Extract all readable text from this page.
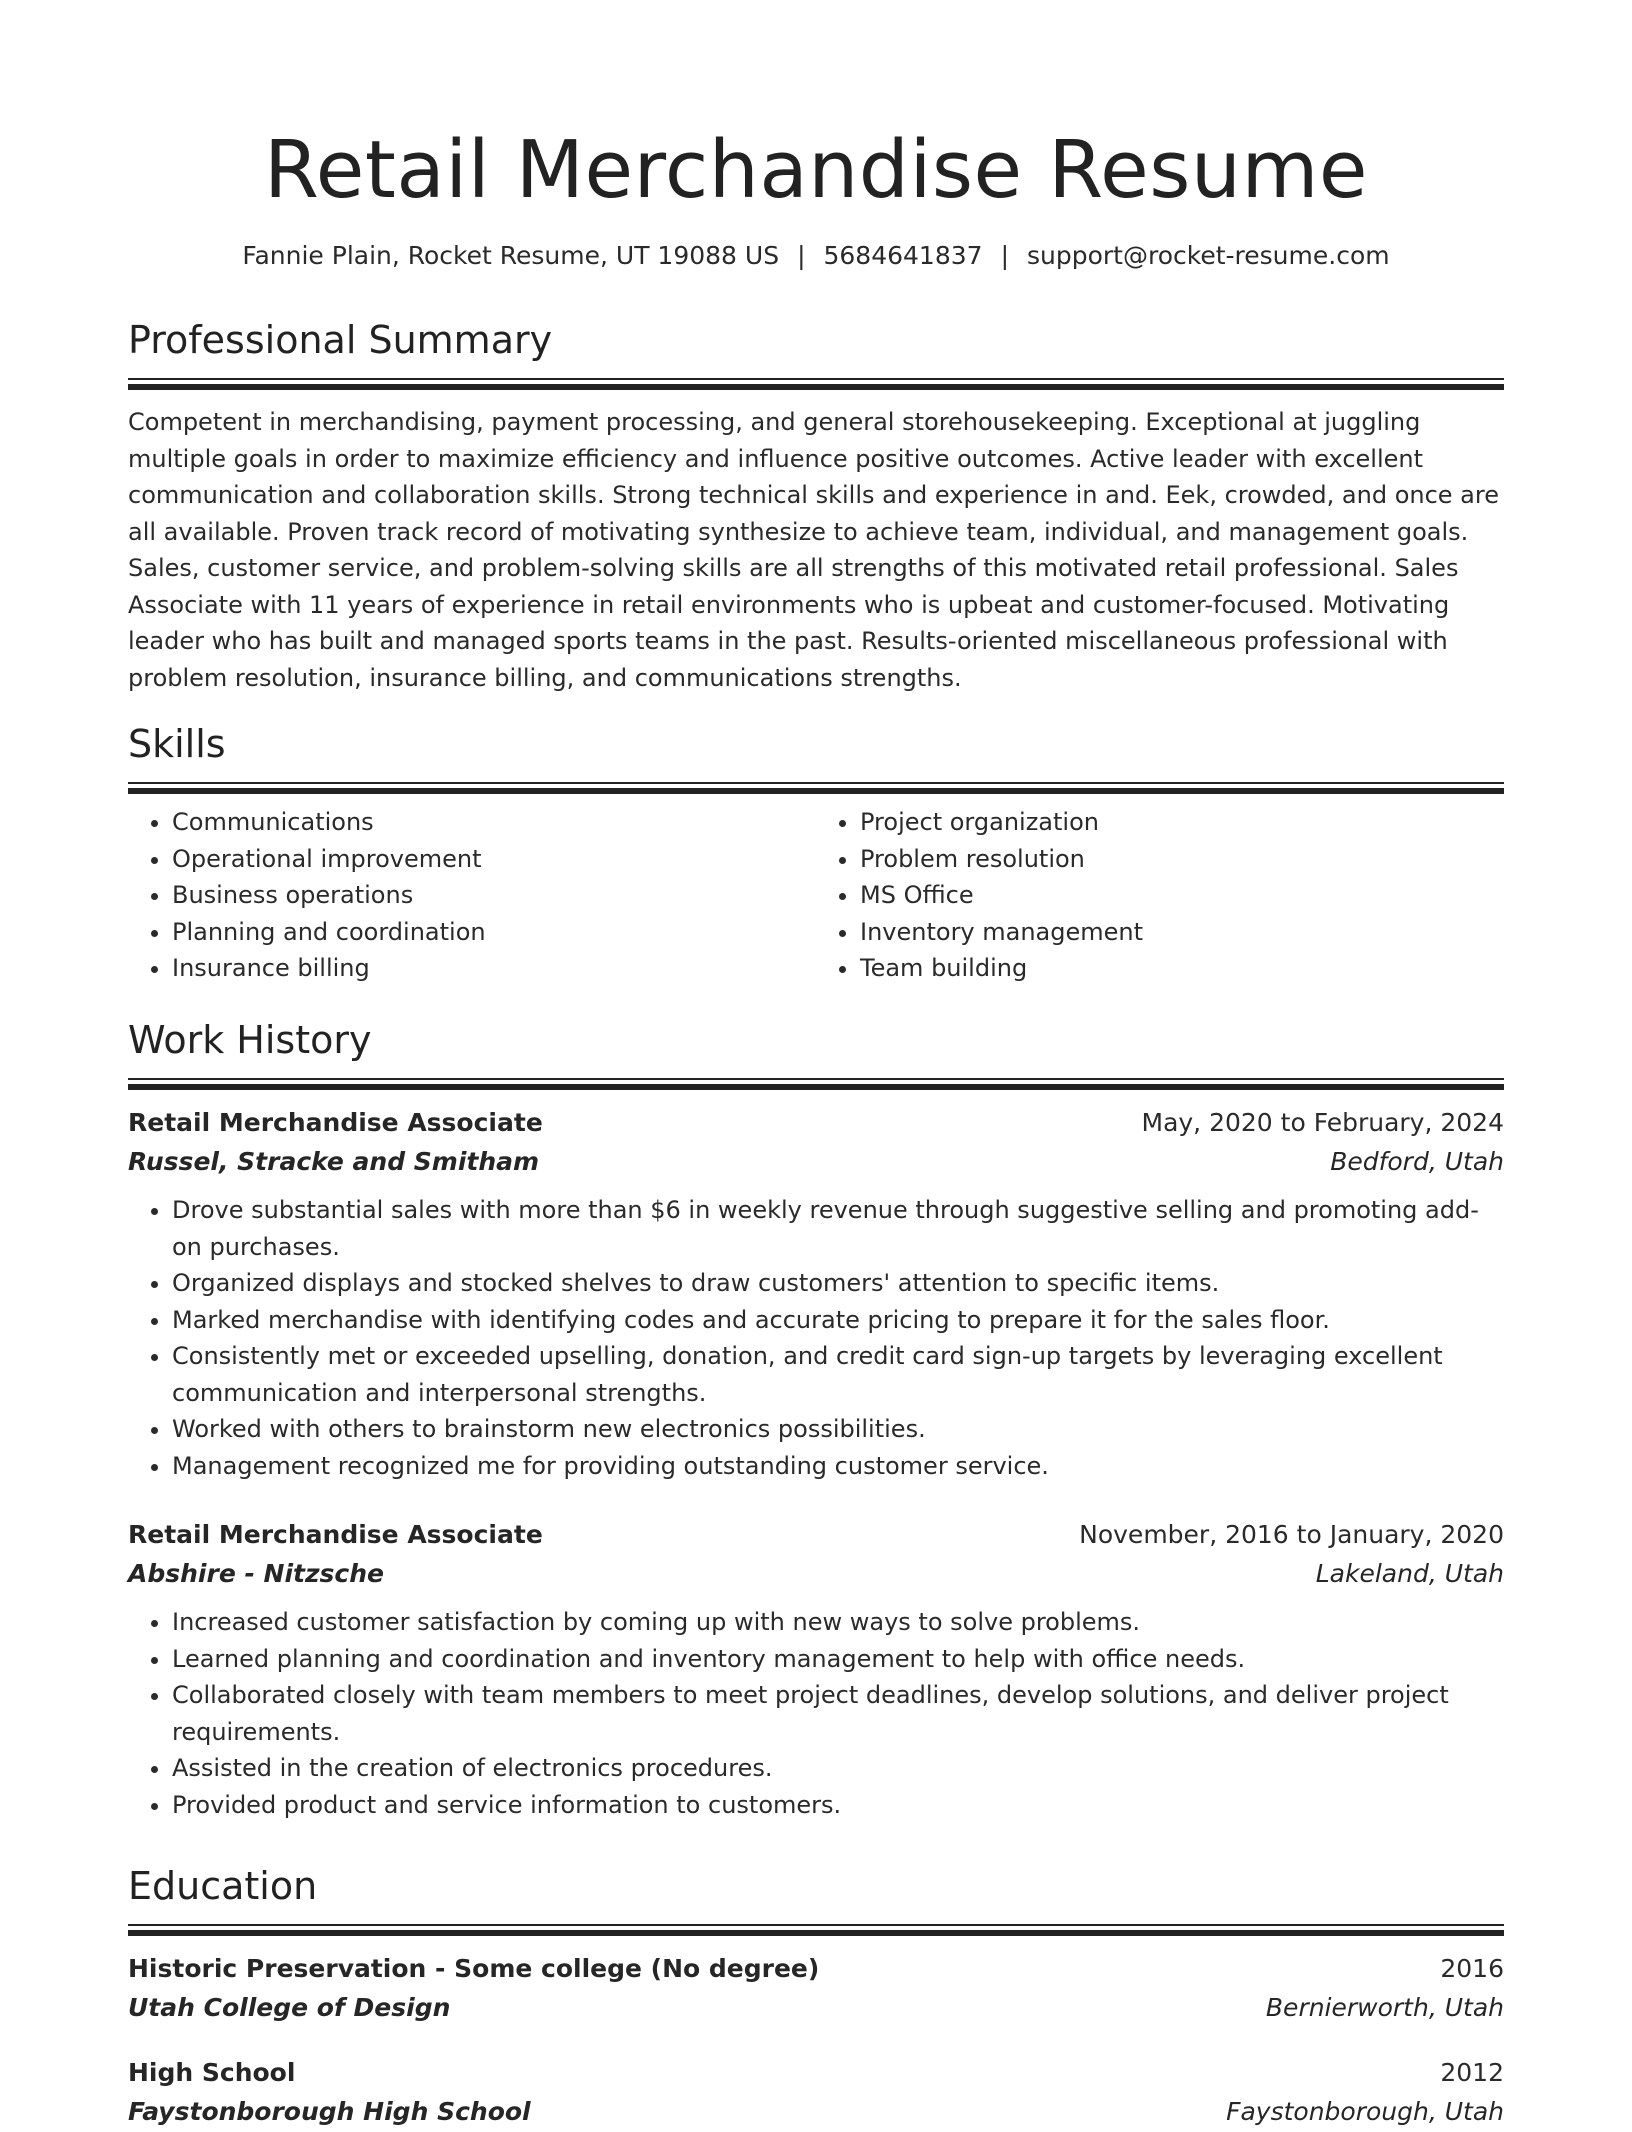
Retail Merchandise Resume
Fannie Plain, Rocket Resume, UT 19088 US | 5684641837 | support@rocket-resume.com
Professional Summary

Competent in merchandising, payment processing, and general storehousekeeping. Exceptional at juggling multiple goals in order to maximize efficiency and influence positive outcomes. Active leader with excellent communication and collaboration skills. Strong technical skills and experience in and. Eek, crowded, and once are all available. Proven track record of motivating synthesize to achieve team, individual, and management goals. Sales, customer service, and problem-solving skills are all strengths of this motivated retail professional. Sales Associate with 11 years of experience in retail environments who is upbeat and customer-focused. Motivating leader who has built and managed sports teams in the past. Results-oriented miscellaneous professional with problem resolution, insurance billing, and communications strengths.

Skills
• Communications
• Operational improvement
• Business operations
• Planning and coordination
• Insurance billing
• Project organization
• Problem resolution
• MS Office
• Inventory management
• Team building
Work History
Retail Merchandise Associate	May, 2020 to February, 2024
Russel, Stracke and Smitham	Bedford, Utah
• Drove substantial sales with more than $6 in weekly revenue through suggestive selling and promoting add-on purchases.
• Organized displays and stocked shelves to draw customers' attention to specific items.
• Marked merchandise with identifying codes and accurate pricing to prepare it for the sales floor.
• Consistently met or exceeded upselling, donation, and credit card sign-up targets by leveraging excellent communication and interpersonal strengths.
• Worked with others to brainstorm new electronics possibilities.
• Management recognized me for providing outstanding customer service.
Retail Merchandise Associate	November, 2016 to January, 2020
Abshire - Nitzsche	Lakeland, Utah
• Increased customer satisfaction by coming up with new ways to solve problems.
• Learned planning and coordination and inventory management to help with office needs.
• Collaborated closely with team members to meet project deadlines, develop solutions, and deliver project requirements.
• Assisted in the creation of electronics procedures.
• Provided product and service information to customers.
Education
Historic Preservation - Some college (No degree)	2016
Utah College of Design	Bernierworth, Utah
High School	2012
Faystonborough High School	Faystonborough, Utah
